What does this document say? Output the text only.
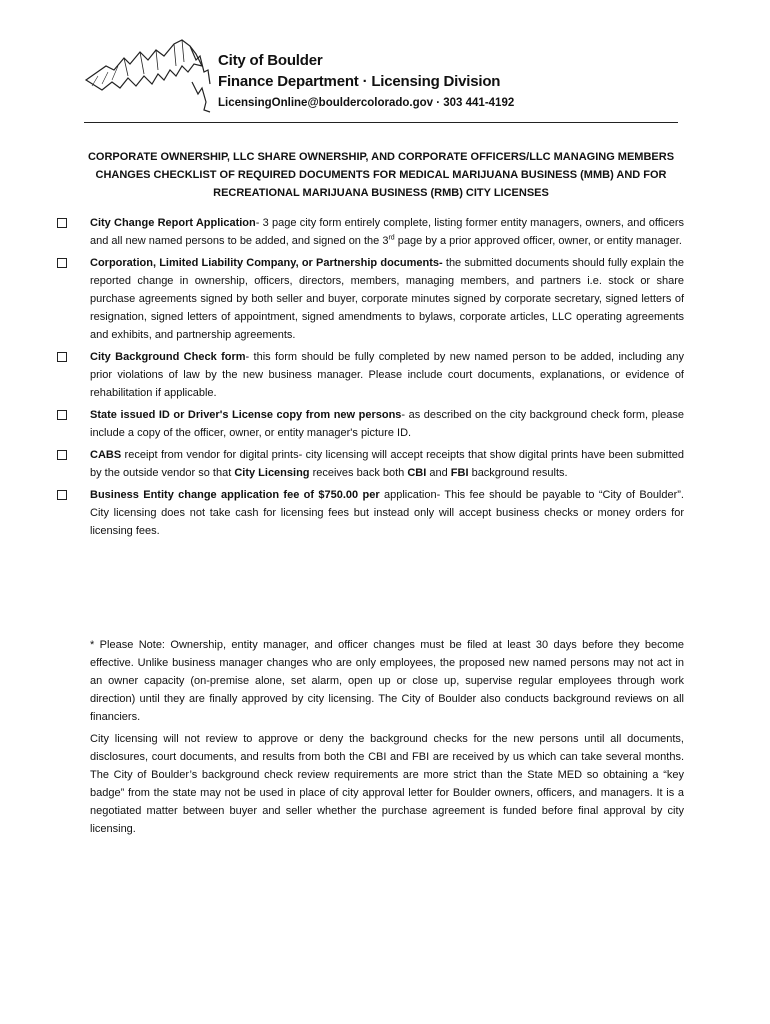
City of Boulder
Finance Department · Licensing Division
LicensingOnline@bouldercolorado.gov · 303 441-4192
CORPORATE OWNERSHIP, LLC SHARE OWNERSHIP, AND CORPORATE OFFICERS/LLC MANAGING MEMBERS CHANGES CHECKLIST OF REQUIRED DOCUMENTS FOR MEDICAL MARIJUANA BUSINESS (MMB) AND FOR RECREATIONAL MARIJUANA BUSINESS (RMB) CITY LICENSES
City Change Report Application- 3 page city form entirely complete, listing former entity managers, owners, and officers and all new named persons to be added, and signed on the 3rd page by a prior approved officer, owner, or entity manager.
Corporation, Limited Liability Company, or Partnership documents- the submitted documents should fully explain the reported change in ownership, officers, directors, members, managing members, and partners i.e. stock or share purchase agreements signed by both seller and buyer, corporate minutes signed by corporate secretary, signed letters of resignation, signed letters of appointment, signed amendments to bylaws, corporate articles, LLC operating agreements and exhibits, and partnership agreements.
City Background Check form- this form should be fully completed by new named person to be added, including any prior violations of law by the new business manager. Please include court documents, explanations, or evidence of rehabilitation if applicable.
State issued ID or Driver's License copy from new persons- as described on the city background check form, please include a copy of the officer, owner, or entity manager's picture ID.
CABS receipt from vendor for digital prints- city licensing will accept receipts that show digital prints have been submitted by the outside vendor so that City Licensing receives back both CBI and FBI background results.
Business Entity change application fee of $750.00 per application- This fee should be payable to “City of Boulder”. City licensing does not take cash for licensing fees but instead only will accept business checks or money orders for licensing fees.
* Please Note: Ownership, entity manager, and officer changes must be filed at least 30 days before they become effective. Unlike business manager changes who are only employees, the proposed new named persons may not act in an owner capacity (on-premise alone, set alarm, open up or close up, supervise regular employees through work direction) until they are finally approved by city licensing. The City of Boulder also conducts background reviews on all financiers.
City licensing will not review to approve or deny the background checks for the new persons until all documents, disclosures, court documents, and results from both the CBI and FBI are received by us which can take several months. The City of Boulder’s background check review requirements are more strict than the State MED so obtaining a “key badge” from the state may not be used in place of city approval letter for Boulder owners, officers, and managers. It is a negotiated matter between buyer and seller whether the purchase agreement is funded before final approval by city licensing.
